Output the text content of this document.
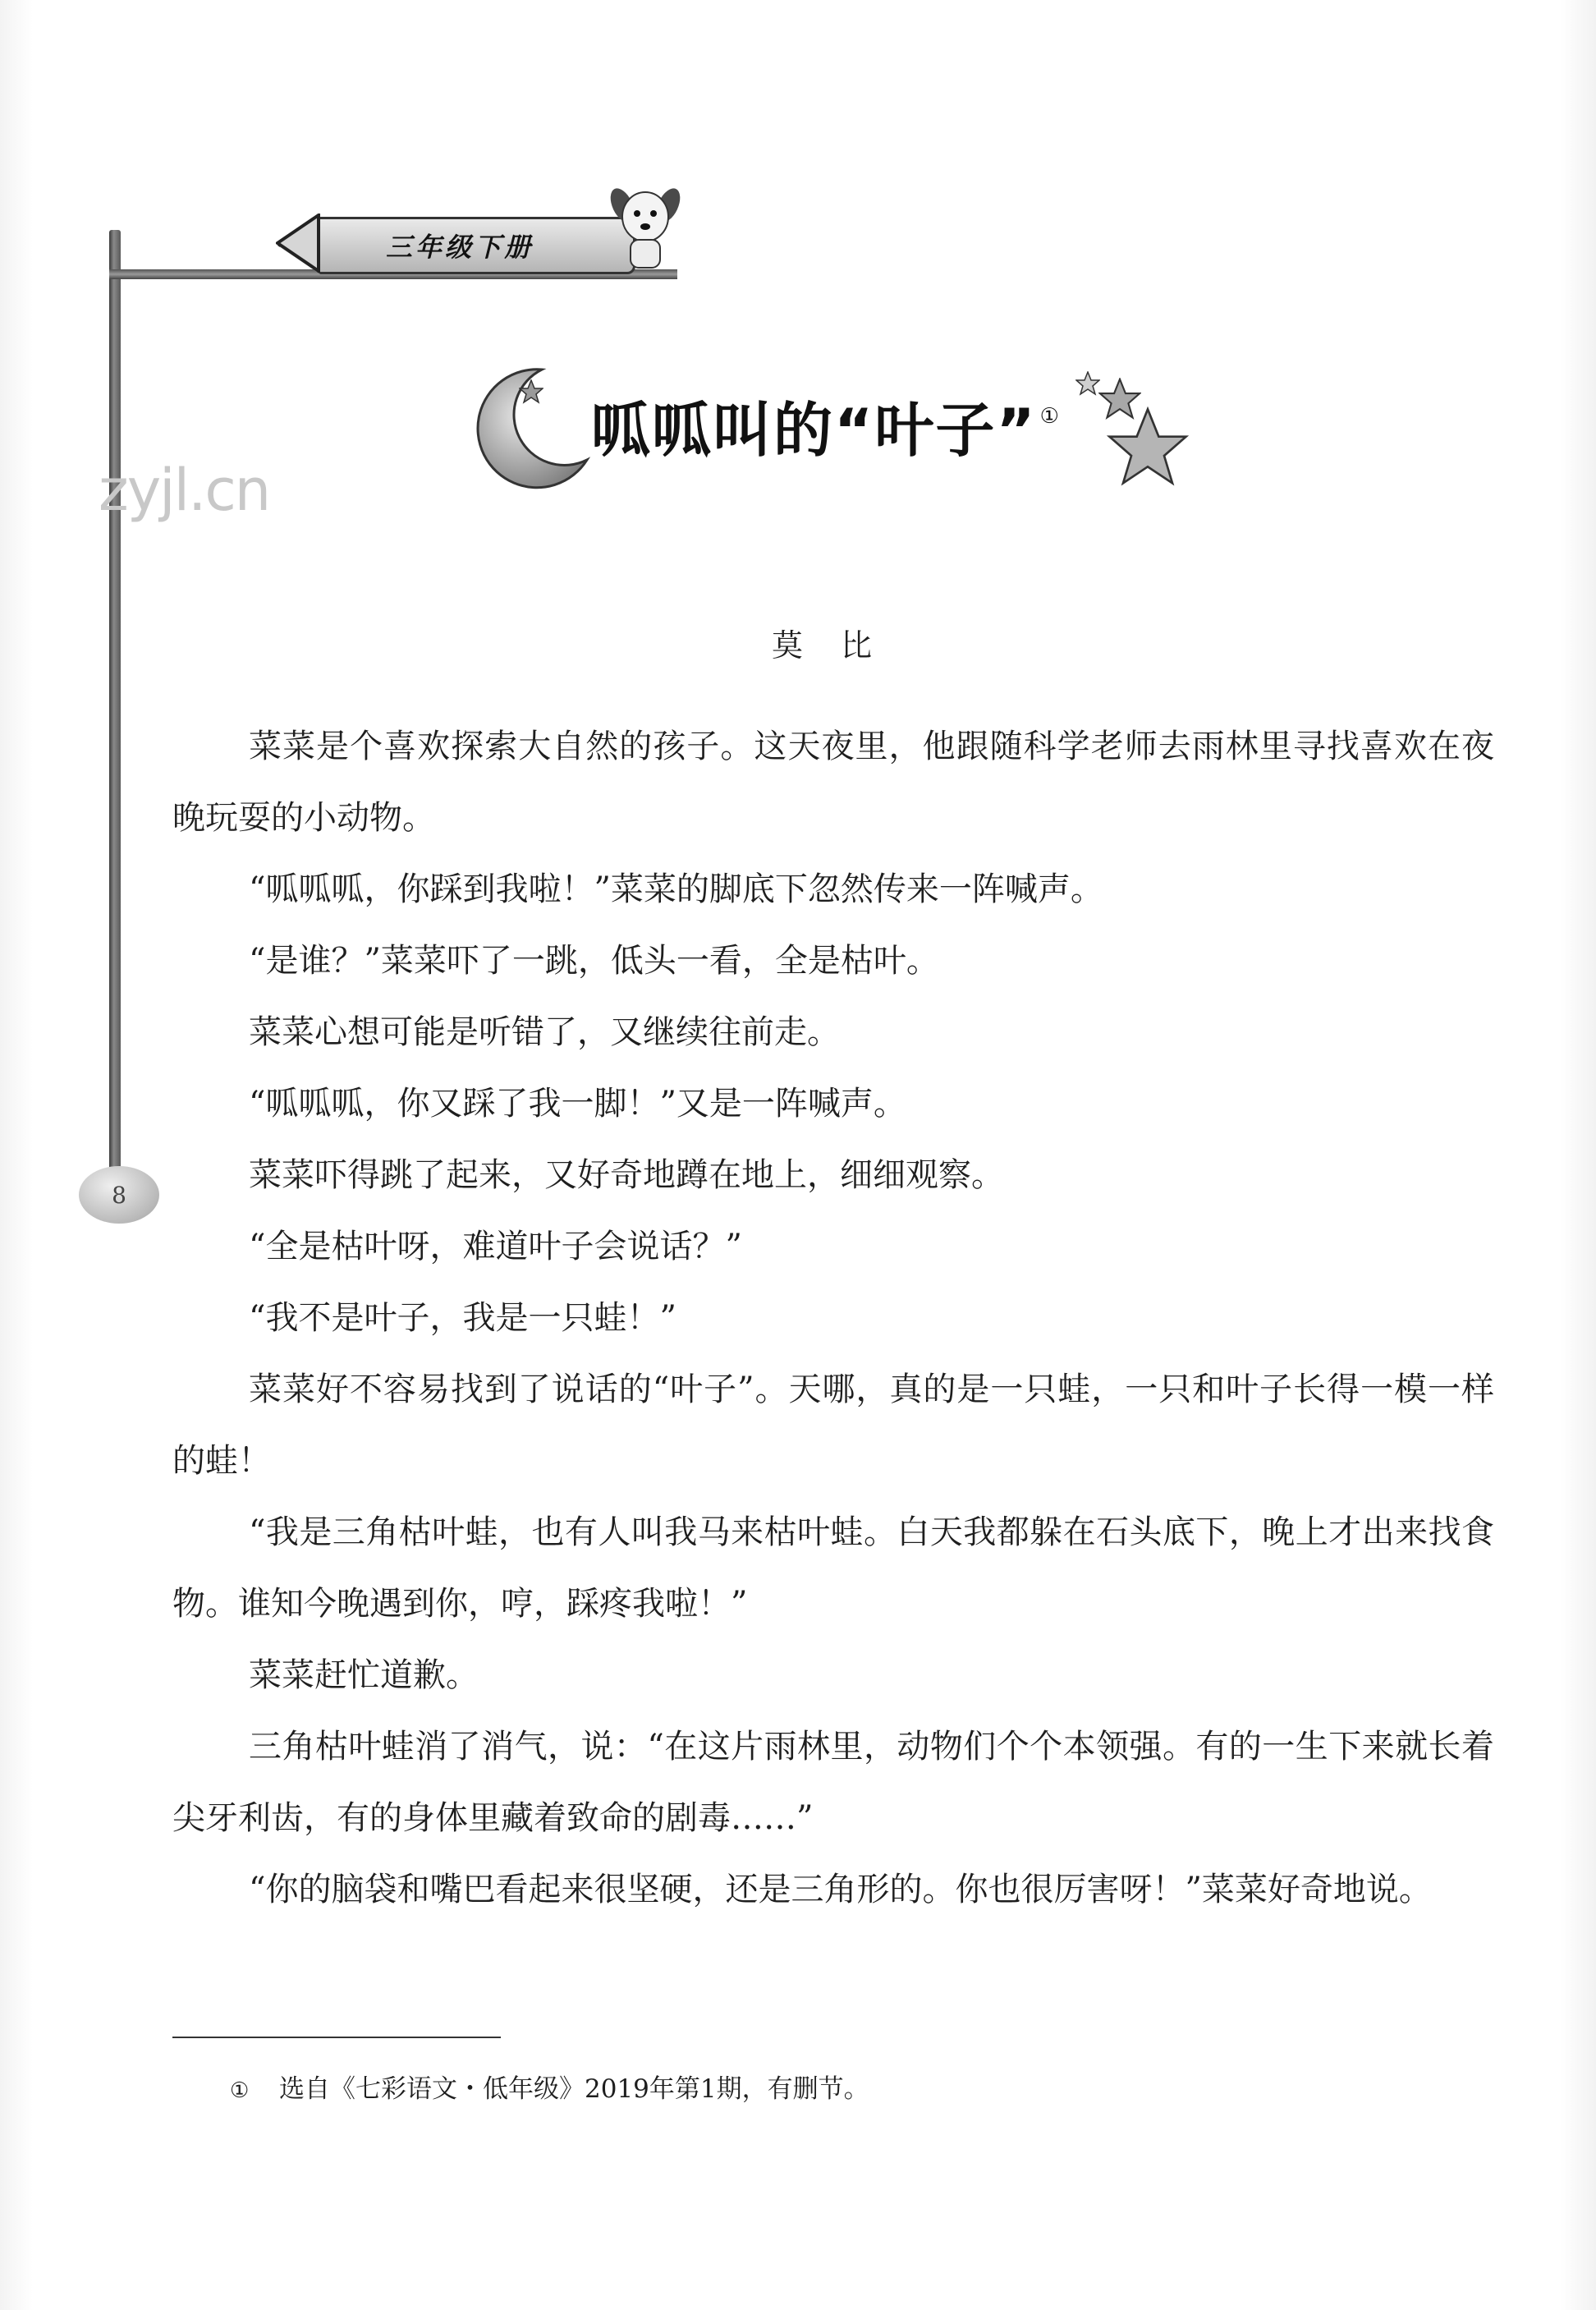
三年级下册
8
zyjl.cn
呱呱叫的“叶子” ①
莫比

菜菜是个喜欢探索大自然的孩子。这天夜里，他跟随科学老师去雨林里寻找喜欢在夜晚玩耍的小动物。

“呱呱呱，你踩到我啦！”菜菜的脚底下忽然传来一阵喊声。

“是谁？”菜菜吓了一跳，低头一看，全是枯叶。

菜菜心想可能是听错了，又继续往前走。

“呱呱呱，你又踩了我一脚！”又是一阵喊声。

菜菜吓得跳了起来，又好奇地蹲在地上，细细观察。

“全是枯叶呀，难道叶子会说话？”

“我不是叶子，我是一只蛙！”

菜菜好不容易找到了说话的“叶子”。天哪，真的是一只蛙，一只和叶子长得一模一样的蛙！

“我是三角枯叶蛙，也有人叫我马来枯叶蛙。白天我都躲在石头底下，晚上才出来找食物。谁知今晚遇到你，哼，踩疼我啦！”

菜菜赶忙道歉。

三角枯叶蛙消了消气，说：“在这片雨林里，动物们个个本领强。有的一生下来就长着尖牙利齿，有的身体里藏着致命的剧毒……”

“你的脑袋和嘴巴看起来很坚硬，还是三角形的。你也很厉害呀！”菜菜好奇地说。

① 选自《七彩语文・低年级》2019年第1期，有删节。
